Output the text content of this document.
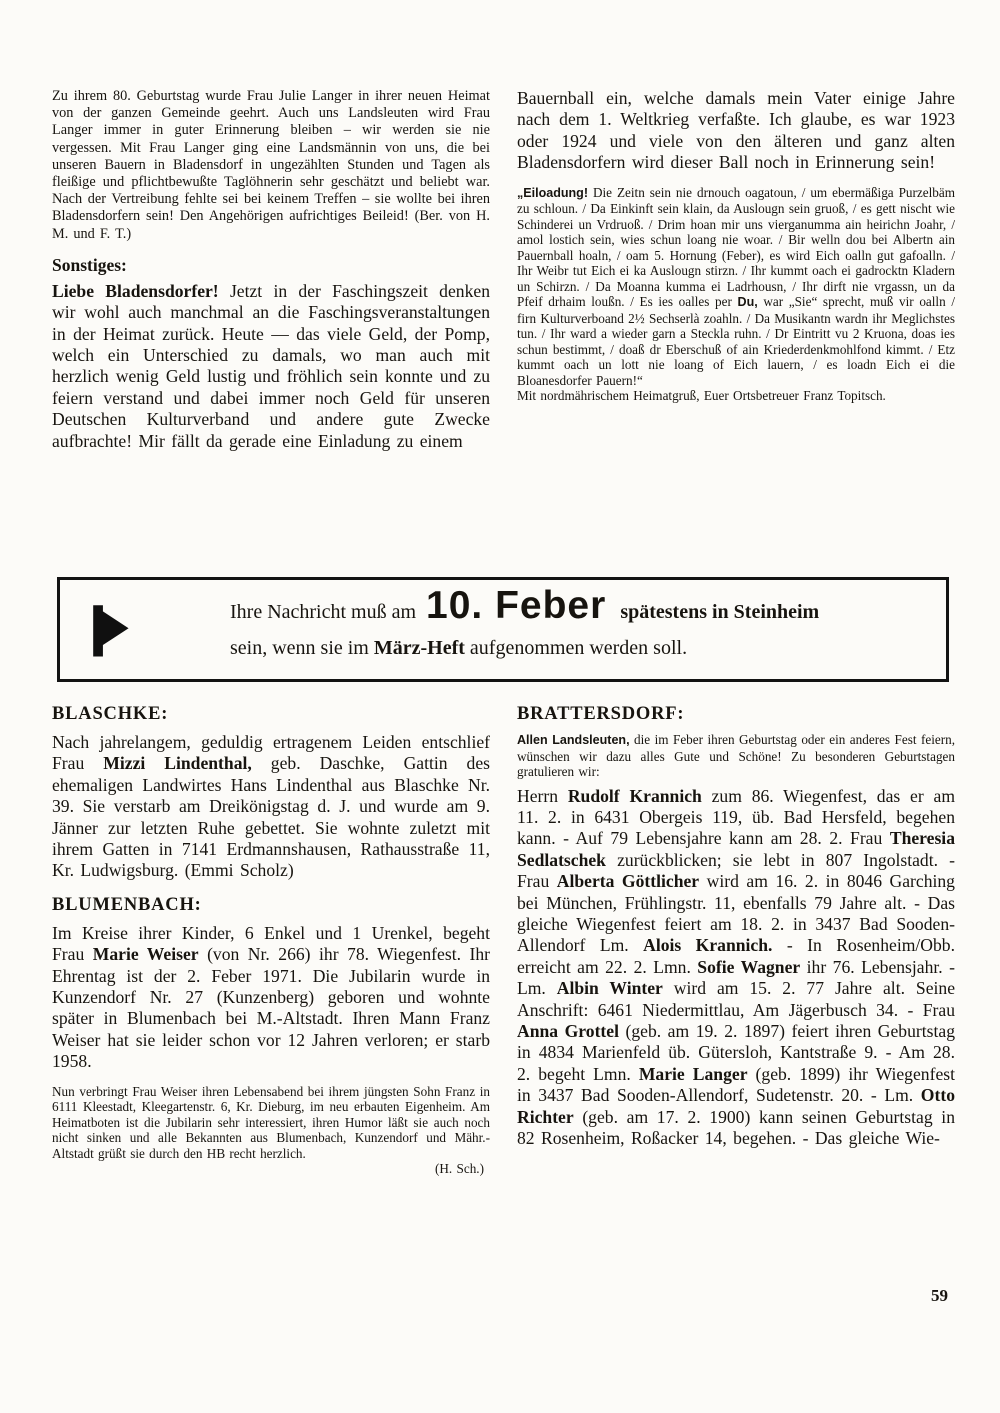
Zu ihrem 80. Geburtstag wurde Frau Julie Langer in ihrer neuen Heimat von der ganzen Gemeinde geehrt. Auch uns Landsleuten wird Frau Langer immer in guter Erinnerung bleiben – wir werden sie nie vergessen. Mit Frau Langer ging eine Landsmännin von uns, die bei unseren Bauern in Bladensdorf in ungezählten Stunden und Tagen als fleißige und pflichtbewußte Taglöhnerin sehr geschätzt und beliebt war. Nach der Vertreibung fehlte sei bei keinem Treffen – sie wollte bei ihren Bladensdorfern sein! Den Angehörigen aufrichtiges Beileid! (Ber. von H. M. und F. T.)

Sonstiges:

Liebe Bladensdorfer! Jetzt in der Faschingszeit denken wir wohl auch manchmal an die Faschingsveranstaltungen in der Heimat zurück. Heute — das viele Geld, der Pomp, welch ein Unterschied zu damals, wo man auch mit herzlich wenig Geld lustig und fröhlich sein konnte und zu feiern verstand und dabei immer noch Geld für unseren Deutschen Kulturverband und andere gute Zwecke aufbrachte! Mir fällt da gerade eine Einladung zu einem

Bauernball ein, welche damals mein Vater einige Jahre nach dem 1. Weltkrieg verfaßte. Ich glaube, es war 1923 oder 1924 und viele von den älteren und ganz alten Bladensdorfern wird dieser Ball noch in Erinnerung sein!

„Eiloadung! Die Zeitn sein nie drnouch oagatoun, / um ebermäßiga Purzelbäm zu schloun. / Da Einkinft sein klain, da Auslougn sein gruoß, / es gett nischt wie Schinderei un Vrdruoß. / Drim hoan mir uns vierganumma ain heirichn Joahr, / amol lostich sein, wies schun loang nie woar. / Bir welln dou bei Albertn ain Pauernball hoaln, / oam 5. Hornung (Feber), es wird Eich oalln gut gafoalln. / Ihr Weibr tut Eich ei ka Auslougn stirzn. / Ihr kummt oach ei gadrocktn Kladern un Schirzn. / Da Moanna kumma ei Ladrhousn, / Ihr dirft nie vrgassn, un da Pfeif drhaim loußn. / Es ies oalles per Du, war „Sie“ sprecht, muß vir oalln / firn Kulturverboand 2½ Sechserlà zoahln. / Da Musikantn wardn ihr Meglichstes tun. / Ihr ward a wieder garn a Steckla ruhn. / Dr Eintritt vu 2 Kruona, doas ies schun bestimmt, / doaß dr Eberschuß of ain Kriederdenkmohlfond kimmt. / Etz kummt oach un lott nie loang of Eich lauern, / es loadn Eich ei die Bloanesdorfer Pauern!“

Mit nordmährischem Heimatgruß, Euer Ortsbetreuer Franz Topitsch.

Ihre Nachricht muß am 10. Feber spätestens in Steinheim
sein, wenn sie im März-Heft aufgenommen werden soll.
BLASCHKE:

Nach jahrelangem, geduldig ertragenem Leiden entschlief Frau Mizzi Lindenthal, geb. Daschke, Gattin des ehemaligen Landwirtes Hans Lindenthal aus Blaschke Nr. 39. Sie verstarb am Dreikönigstag d. J. und wurde am 9. Jänner zur letzten Ruhe gebettet. Sie wohnte zuletzt mit ihrem Gatten in 7141 Erdmannshausen, Rathausstraße 11, Kr. Ludwigsburg. (Emmi Scholz)

BLUMENBACH:

Im Kreise ihrer Kinder, 6 Enkel und 1 Urenkel, begeht Frau Marie Weiser (von Nr. 266) ihr 78. Wiegenfest. Ihr Ehrentag ist der 2. Feber 1971. Die Jubilarin wurde in Kunzendorf Nr. 27 (Kunzenberg) geboren und wohnte später in Blumenbach bei M.-Altstadt. Ihren Mann Franz Weiser hat sie leider schon vor 12 Jahren verloren; er starb 1958.

Nun verbringt Frau Weiser ihren Lebensabend bei ihrem jüngsten Sohn Franz in 6111 Kleestadt, Kleegartenstr. 6, Kr. Dieburg, im neu erbauten Eigenheim. Am Heimatboten ist die Jubilarin sehr interessiert, ihren Humor läßt sie auch noch nicht sinken und alle Bekannten aus Blumenbach, Kunzendorf und Mähr.-Altstadt grüßt sie durch den HB recht herzlich.

(H. Sch.)

BRATTERSDORF:

Allen Landsleuten, die im Feber ihren Geburtstag oder ein anderes Fest feiern, wünschen wir dazu alles Gute und Schöne! Zu besonderen Geburtstagen gratulieren wir:

Herrn Rudolf Krannich zum 86. Wiegenfest, das er am 11. 2. in 6431 Obergeis 119, üb. Bad Hersfeld, begehen kann. - Auf 79 Lebensjahre kann am 28. 2. Frau Theresia Sedlatschek zurückblicken; sie lebt in 807 Ingolstadt. - Frau Alberta Göttlicher wird am 16. 2. in 8046 Garching bei München, Frühlingstr. 11, ebenfalls 79 Jahre alt. - Das gleiche Wiegenfest feiert am 18. 2. in 3437 Bad Sooden-Allendorf Lm. Alois Krannich. - In Rosenheim/Obb. erreicht am 22. 2. Lmn. Sofie Wagner ihr 76. Lebensjahr. - Lm. Albin Winter wird am 15. 2. 77 Jahre alt. Seine Anschrift: 6461 Niedermittlau, Am Jägerbusch 34. - Frau Anna Grottel (geb. am 19. 2. 1897) feiert ihren Geburtstag in 4834 Marienfeld üb. Gütersloh, Kantstraße 9. - Am 28. 2. begeht Lmn. Marie Langer (geb. 1899) ihr Wiegenfest in 3437 Bad Sooden-Allendorf, Sudetenstr. 20. - Lm. Otto Richter (geb. am 17. 2. 1900) kann seinen Geburtstag in 82 Rosenheim, Roßacker 14, begehen. - Das gleiche Wie-

59
